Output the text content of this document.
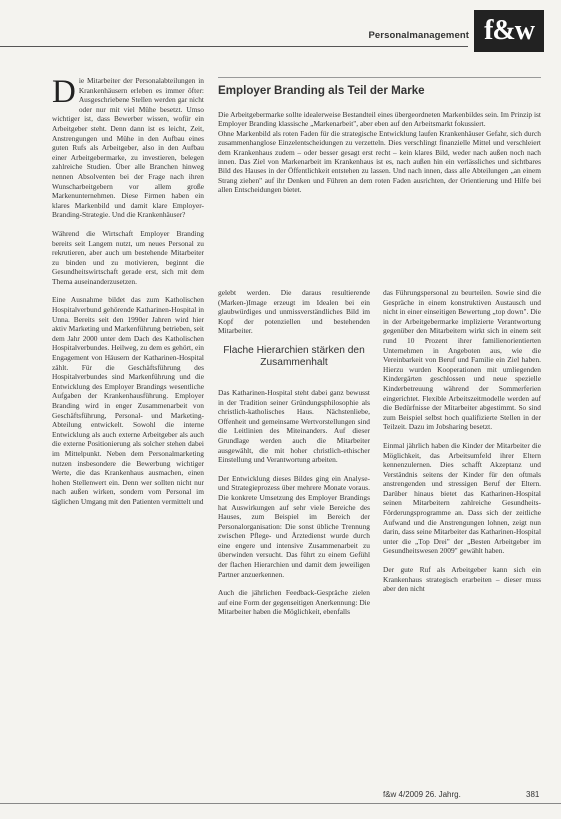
Personalmanagement f&w

Die Mitarbeiter der Personalabteilungen in Krankenhäusern erleben es immer öfter: Ausgeschriebene Stellen werden gar nicht oder nur mit viel Mühe besetzt. Umso wichtiger ist, dass Bewerber wissen, wofür ein Arbeitgeber steht. Denn dann ist es leicht, Zeit, Anstrengungen und Mühe in den Aufbau eines guten Rufs als Arbeitgeber, also in den Aufbau einer Arbeitgebermarke, zu investieren, belegen zahlreiche Studien. Über alle Branchen hinweg nennen Absolventen bei der Frage nach ihren Wunscharbeitgebern vor allem große Markenunternehmen. Diese Firmen haben ein klares Markenbild und damit klare Employer-Branding-Strategie. Und die Krankenhäuser?

Während die Wirtschaft Employer Branding bereits seit Langem nutzt, um neues Personal zu rekrutieren, aber auch um bestehende Mitarbeiter zu binden und zu motivieren, beginnt die Gesundheitswirtschaft gerade erst, sich mit dem Thema auseinanderzusetzen.

Eine Ausnahme bildet das zum Katholischen Hospitalverbund gehörende Katharinen-Hospital in Unna. Bereits seit den 1990er Jahren wird hier aktiv Marketing und Markenführung betrieben, seit dem Jahr 2000 unter dem Dach des Katholischen Hospitalverbundes. Heilweg, zu dem es gehört, ein Engagement von Häusern der Katharinen-Hospital zählt. Für die Geschäftsführung des Hospitalverbundes sind Markenführung und die Entwicklung des Employer Brandings wesentliche Aufgaben der Krankenhausführung. Employer Branding wird in enger Zusammenarbeit von Geschäftsführung, Personal- und Marketing-Abteilung entwickelt. Sowohl die interne Entwicklung als auch externe Arbeitgeber als auch die externe Positionierung als solcher stehen dabei im Mittelpunkt. Neben dem Personalmarketing nutzen insbesondere die Bewerbung wichtiger Werte, die das Krankenhaus ausmachen, einen hohen Stellenwert ein. Denn wer sollten nicht nur nach außen wirken, sondern vom Personal im täglichen Umgang mit den Patienten vermittelt und

Employer Branding als Teil der Marke

Die Arbeitgebermarke sollte idealerweise Bestandteil eines übergeordneten Markenbildes sein. Im Prinzip ist Employer Branding klassische „Markenarbeit", aber eben auf den Arbeitsmarkt fokussiert.

Ohne Markenbild als roten Faden für die strategische Entwicklung laufen Krankenhäuser Gefahr, sich durch zusammenhanglose Einzelentscheidungen zu verzetteln. Dies verschlingt finanzielle Mittel und verschleiert dem Krankenhaus zudem – oder besser gesagt erst recht – kein klares Bild, weder nach außen noch nach innen. Das Ziel von Markenarbeit im Krankenhaus ist es, nach außen hin ein verlässliches und sichtbares Bild des Hauses in der Öffentlichkeit entstehen zu lassen. Und nach innen, dass alle Abteilungen „an einem Strang ziehen" auf ihr Denken und Führen an dem roten Faden ausrichten, der Orientierung und Hilfe bei allen Entscheidungen bietet.

gelebt werden. Die daraus resultierende (Marken-)Image erzeugt im Idealen bei ein glaubwürdiges und unmissverständliches Bild im Kopf der potenziellen und bestehenden Mitarbeiter.

Flache Hierarchien stärken den Zusammenhalt

Das Katharinen-Hospital steht dabei ganz bewusst in der Tradition seiner Gründungsphilosophie als christlich-katholisches Haus. Nächstenliebe, Offenheit und gemeinsame Wertvorstellungen sind die Leitlinien des Miteinanders. Auf dieser Grundlage werden auch die Mitarbeiter ausgewählt, die mit hoher christlich-ethischer Einstellung und Verantwortung arbeiten.

Der Entwicklung dieses Bildes ging ein Analyse- und Strategieprozess über mehrere Monate voraus. Die konkrete Umsetzung des Employer Brandings hat Auswirkungen auf sehr viele Bereiche des Hauses, zum Beispiel im Bereich der Personalorganisation: Die sonst übliche Trennung zwischen Pflege- und Ärztedienst wurde durch eine engere und intensive Zusammenarbeit zu überwinden versucht. Das führt zu einem Gefühl der flachen Hierarchien und damit dem jeweiligen Partner anzuerkennen.

Auch die jährlichen Feedback-Gespräche zielen auf eine Form der gegenseitigen Anerkennung: Die Mitarbeiter haben die Möglichkeit, ebenfalls

das Führungspersonal zu beurteilen. Sowie sind die Gespräche in einem konstruktiven Austausch und nicht in einer einseitigen Bewertung „top down". Die in der Arbeitgebermarke implizierte Verantwortung gegenüber den Mitarbeitern wirkt sich in einem seit rund 10 Prozent ihrer familienorientierten Unternehmen in Angeboten aus, wie die Vereinbarkeit von Beruf und Familie ein Ziel haben. Hierzu wurden Kooperationen mit umliegenden Kindergärten geschlossen und neue spezielle Kinderbetreuung während der Sommerferien eingerichtet. Flexible Arbeitszeitmodelle werden auf die Bedürfnisse der Mitarbeiter abgestimmt. So sind zum Beispiel selbst hoch qualifizierte Stellen in der Teilzeit. Dazu im Jobsharing besetzt.

Einmal jährlich haben die Kinder der Mitarbeiter die Möglichkeit, das Arbeitsumfeld ihrer Eltern kennenzulernen. Dies schafft Akzeptanz und Verständnis seitens der Kinder für den oftmals anstrengenden und stressigen Beruf der Eltern. Darüber hinaus bietet das Katharinen-Hospital seinen Mitarbeitern zahlreiche Gesundheits-Förderungsprogramme an. Dass sich der zeitliche Aufwand und die Anstrengungen lohnen, zeigt nun darin, dass seine Mitarbeiter das Katharinen-Hospital unter die „Top Drei" der „Besten Arbeitgeber im Gesundheitswesen 2009" gewählt haben.

Der gute Ruf als Arbeitgeber kann sich ein Krankenhaus strategisch erarbeiten – dieser muss aber den nicht

f&w 4/2009 26. Jahrg.	381
